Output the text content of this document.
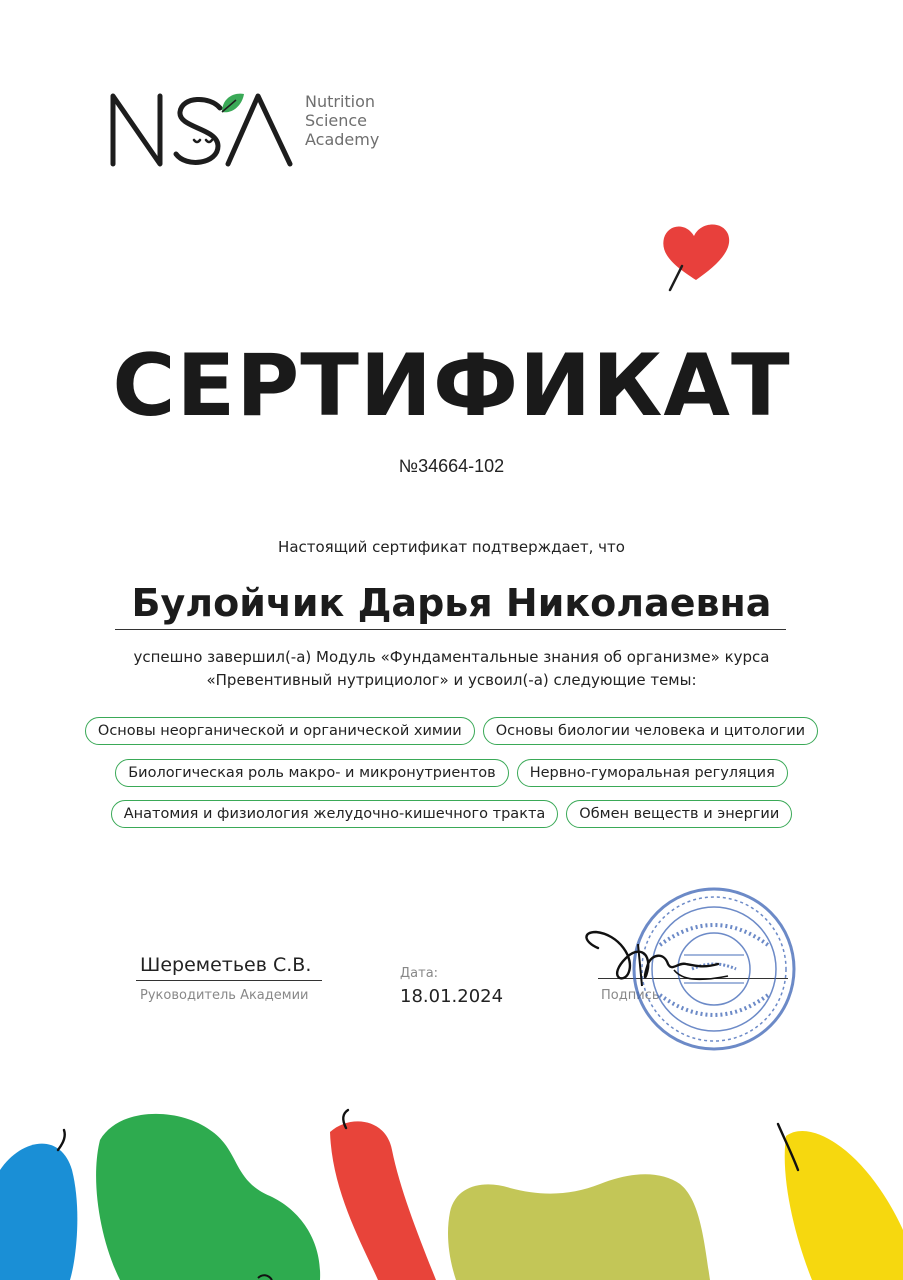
Nutrition
Science
Academy
СЕРТИФИКАТ
№34664-102
Настоящий сертификат подтверждает, что
Булойчик Дарья Николаевна
успешно завершил(-а) Модуль «Фундаментальные знания об организме» курса
«Превентивный нутрициолог» и усвоил(-а) следующие темы:
Основы неорганической и органической химии	Основы биологии человека и цитологии
Биологическая роль макро- и микронутриентов	Нервно-гуморальная регуляция
Анатомия и физиология желудочно-кишечного тракта	Обмен веществ и энергии
Шереметьев С.В.
Руководитель Академии
Дата:
18.01.2024	Подпись
